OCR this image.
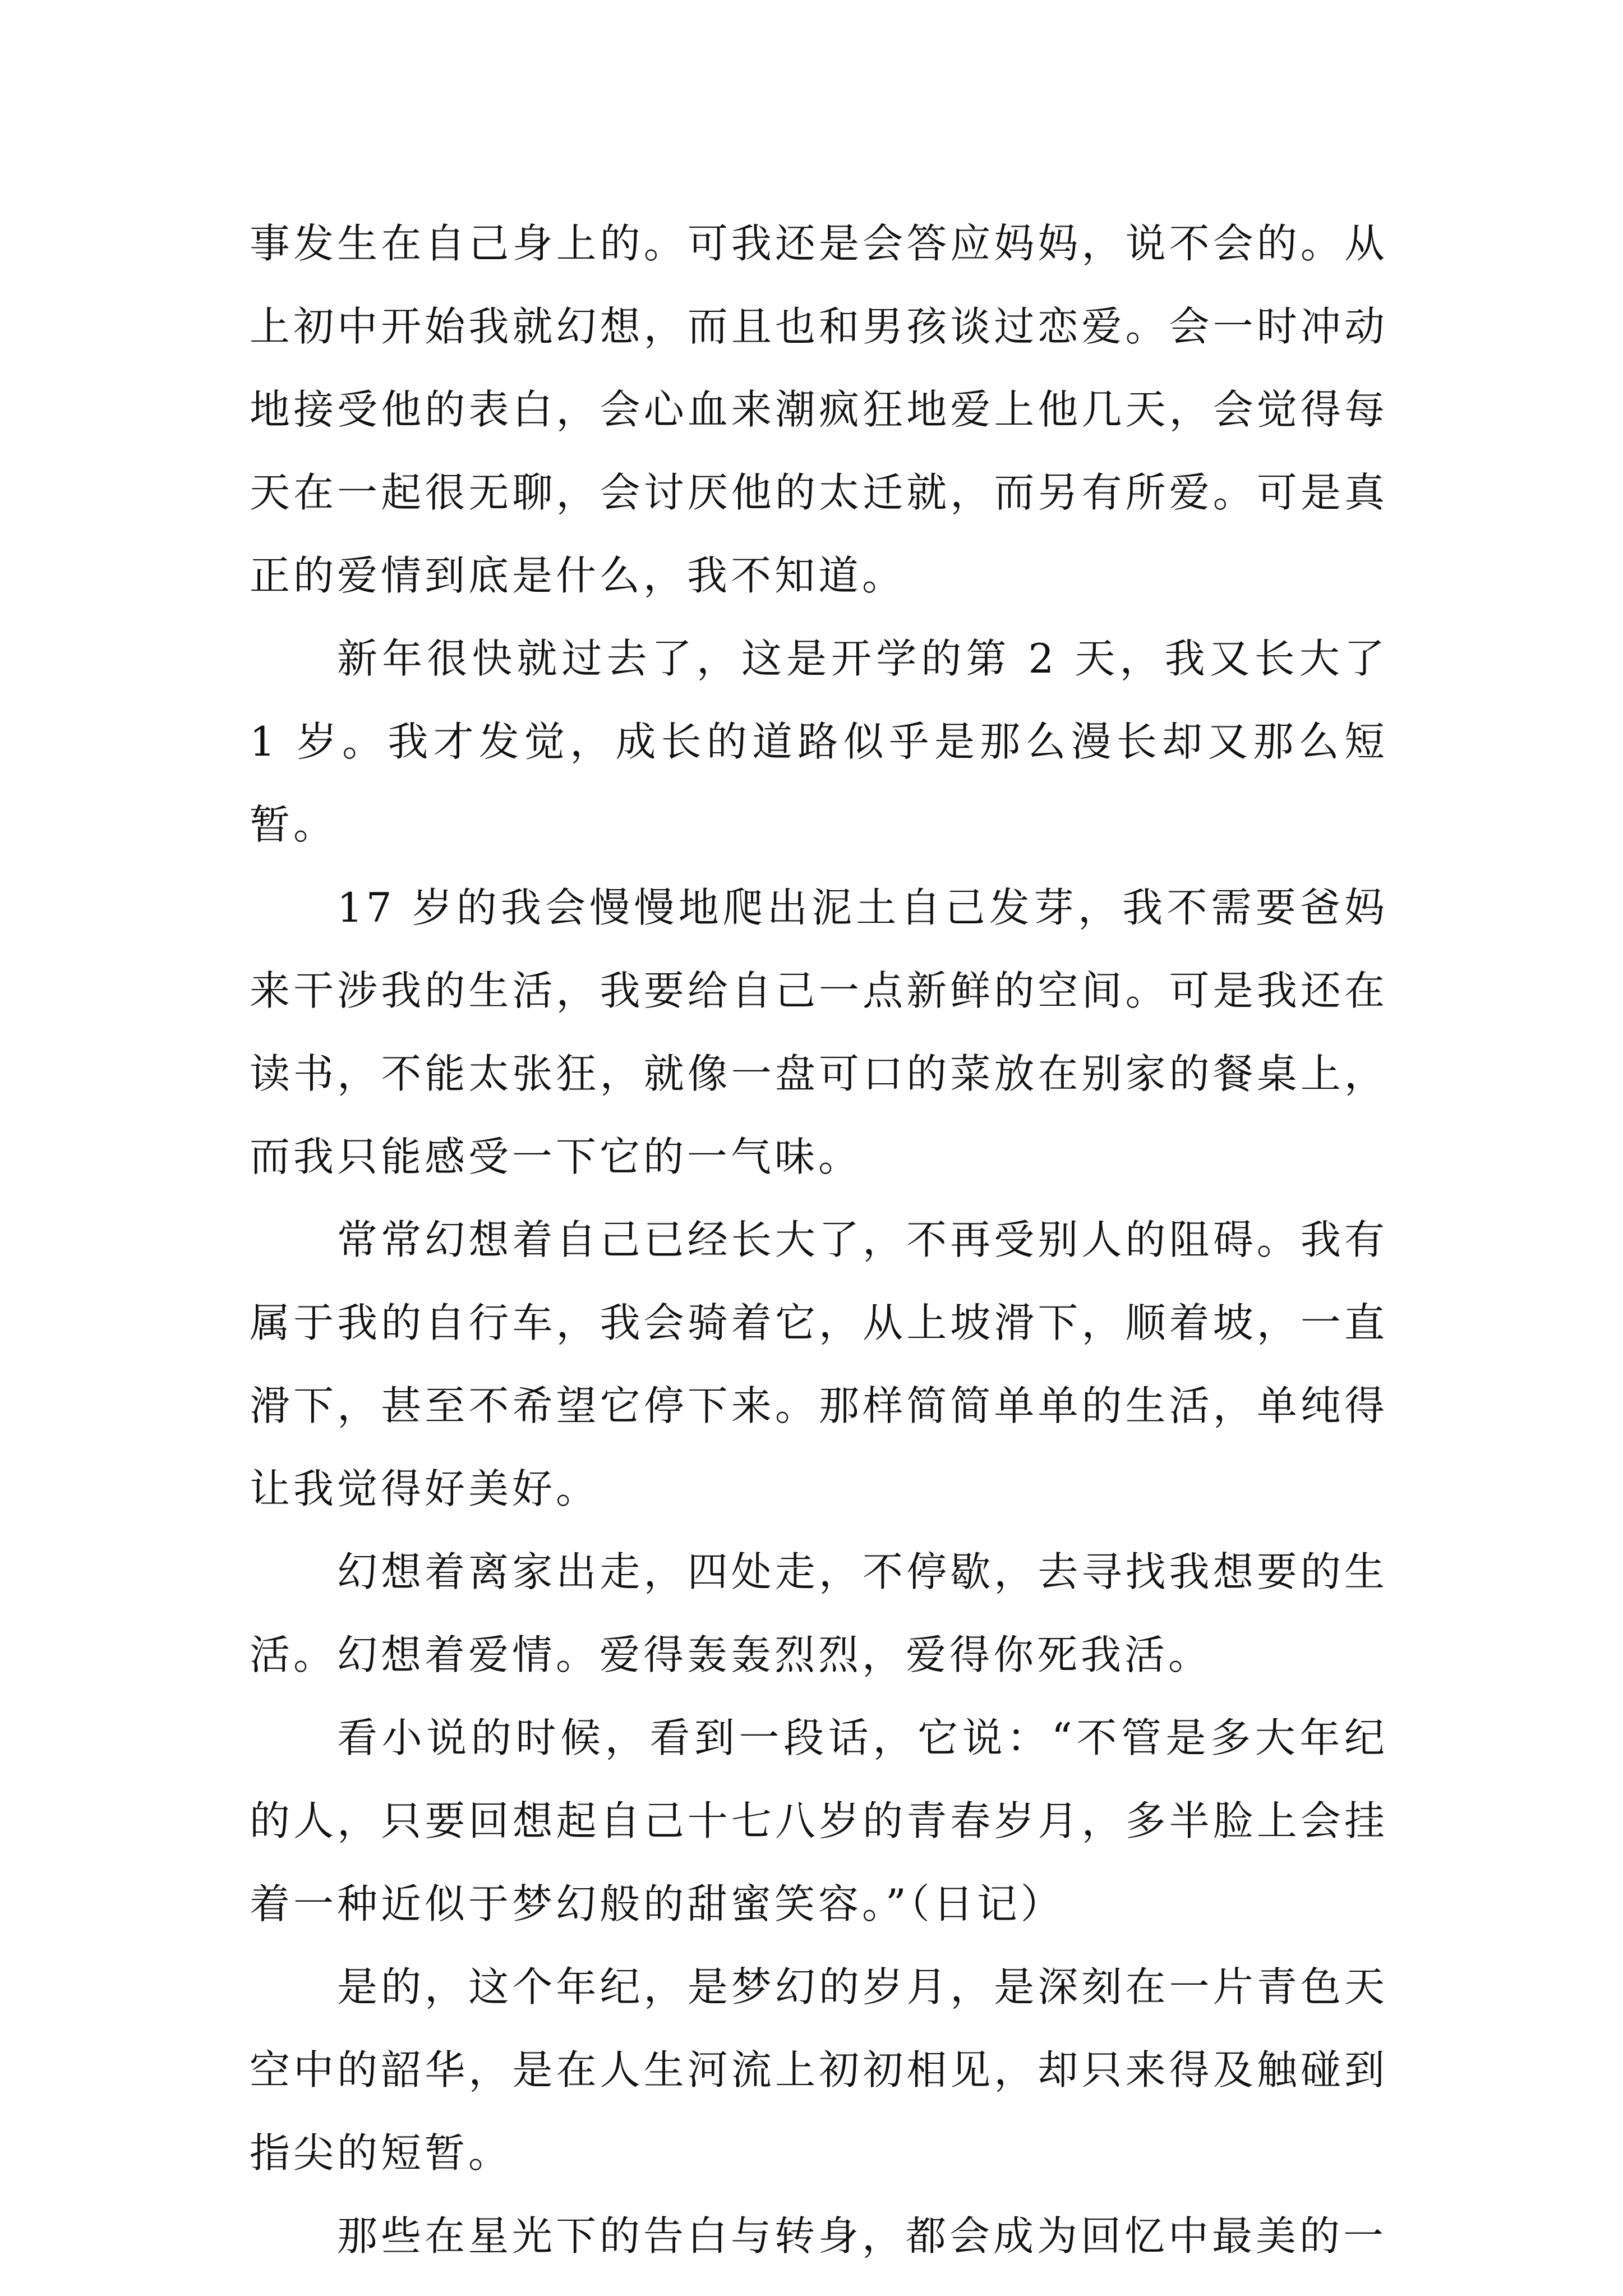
事发生在自己身上的。可我还是会答应妈妈，说不会的。从上初中开始我就幻想，而且也和男孩谈过恋爱。会一时冲动地接受他的表白，会心血来潮疯狂地爱上他几天，会觉得每天在一起很无聊，会讨厌他的太迁就，而另有所爱。可是真正的爱情到底是什么，我不知道。

新年很快就过去了，这是开学的第 2 天，我又长大了 1 岁。我才发觉，成长的道路似乎是那么漫长却又那么短暂。

17 岁的我会慢慢地爬出泥土自己发芽，我不需要爸妈来干涉我的生活，我要给自己一点新鲜的空间。可是我还在读书，不能太张狂，就像一盘可口的菜放在别家的餐桌上，而我只能感受一下它的一气味。

常常幻想着自己已经长大了，不再受别人的阻碍。我有属于我的自行车，我会骑着它，从上坡滑下，顺着坡，一直滑下，甚至不希望它停下来。那样简简单单的生活，单纯得让我觉得好美好。

幻想着离家出走，四处走，不停歇，去寻找我想要的生活。幻想着爱情。爱得轰轰烈烈，爱得你死我活。

看小说的时候，看到一段话，它说：“不管是多大年纪的人，只要回想起自己十七八岁的青春岁月，多半脸上会挂着一种近似于梦幻般的甜蜜笑容。”（日记）

是的，这个年纪，是梦幻的岁月，是深刻在一片青色天空中的韶华，是在人生河流上初初相见，却只来得及触碰到指尖的短暂。

那些在星光下的告白与转身，都会成为回忆中最美的一
